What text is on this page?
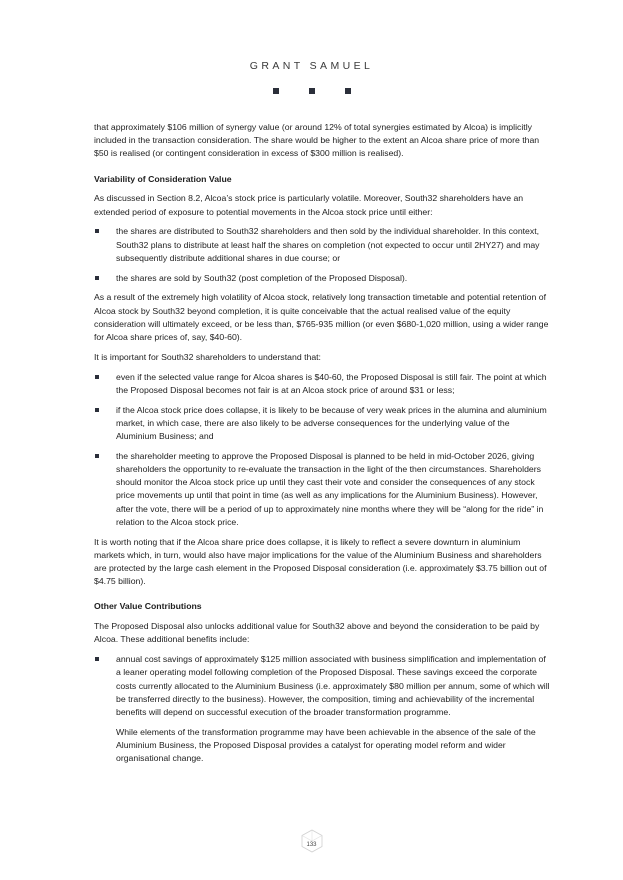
GRANT SAMUEL

that approximately $106 million of synergy value (or around 12% of total synergies estimated by Alcoa) is implicitly included in the transaction consideration. The share would be higher to the extent an Alcoa share price of more than $50 is realised (or contingent consideration in excess of $300 million is realised).

Variability of Consideration Value

As discussed in Section 8.2, Alcoa’s stock price is particularly volatile. Moreover, South32 shareholders have an extended period of exposure to potential movements in the Alcoa stock price until either:

the shares are distributed to South32 shareholders and then sold by the individual shareholder. In this context, South32 plans to distribute at least half the shares on completion (not expected to occur until 2HY27) and may subsequently distribute additional shares in due course; or

the shares are sold by South32 (post completion of the Proposed Disposal).

As a result of the extremely high volatility of Alcoa stock, relatively long transaction timetable and potential retention of Alcoa stock by South32 beyond completion, it is quite conceivable that the actual realised value of the equity consideration will ultimately exceed, or be less than, $765-935 million (or even $680-1,020 million, using a wider range for Alcoa share prices of, say, $40-60).

It is important for South32 shareholders to understand that:

even if the selected value range for Alcoa shares is $40-60, the Proposed Disposal is still fair. The point at which the Proposed Disposal becomes not fair is at an Alcoa stock price of around $31 or less;

if the Alcoa stock price does collapse, it is likely to be because of very weak prices in the alumina and aluminium market, in which case, there are also likely to be adverse consequences for the underlying value of the Aluminium Business; and

the shareholder meeting to approve the Proposed Disposal is planned to be held in mid-October 2026, giving shareholders the opportunity to re-evaluate the transaction in the light of the then circumstances. Shareholders should monitor the Alcoa stock price up until they cast their vote and consider the consequences of any stock price movements up until that point in time (as well as any implications for the Aluminium Business). However, after the vote, there will be a period of up to approximately nine months where they will be “along for the ride” in relation to the Alcoa stock price.

It is worth noting that if the Alcoa share price does collapse, it is likely to reflect a severe downturn in aluminium markets which, in turn, would also have major implications for the value of the Aluminium Business and shareholders are protected by the large cash element in the Proposed Disposal consideration (i.e. approximately $3.75 billion out of $4.75 billion).

Other Value Contributions

The Proposed Disposal also unlocks additional value for South32 above and beyond the consideration to be paid by Alcoa. These additional benefits include:

annual cost savings of approximately $125 million associated with business simplification and implementation of a leaner operating model following completion of the Proposed Disposal. These savings exceed the corporate costs currently allocated to the Aluminium Business (i.e. approximately $80 million per annum, some of which will be transferred directly to the business). However, the composition, timing and achievability of the incremental benefits will depend on successful execution of the broader transformation programme.

While elements of the transformation programme may have been achievable in the absence of the sale of the Aluminium Business, the Proposed Disposal provides a catalyst for operating model reform and wider organisational change.

133
